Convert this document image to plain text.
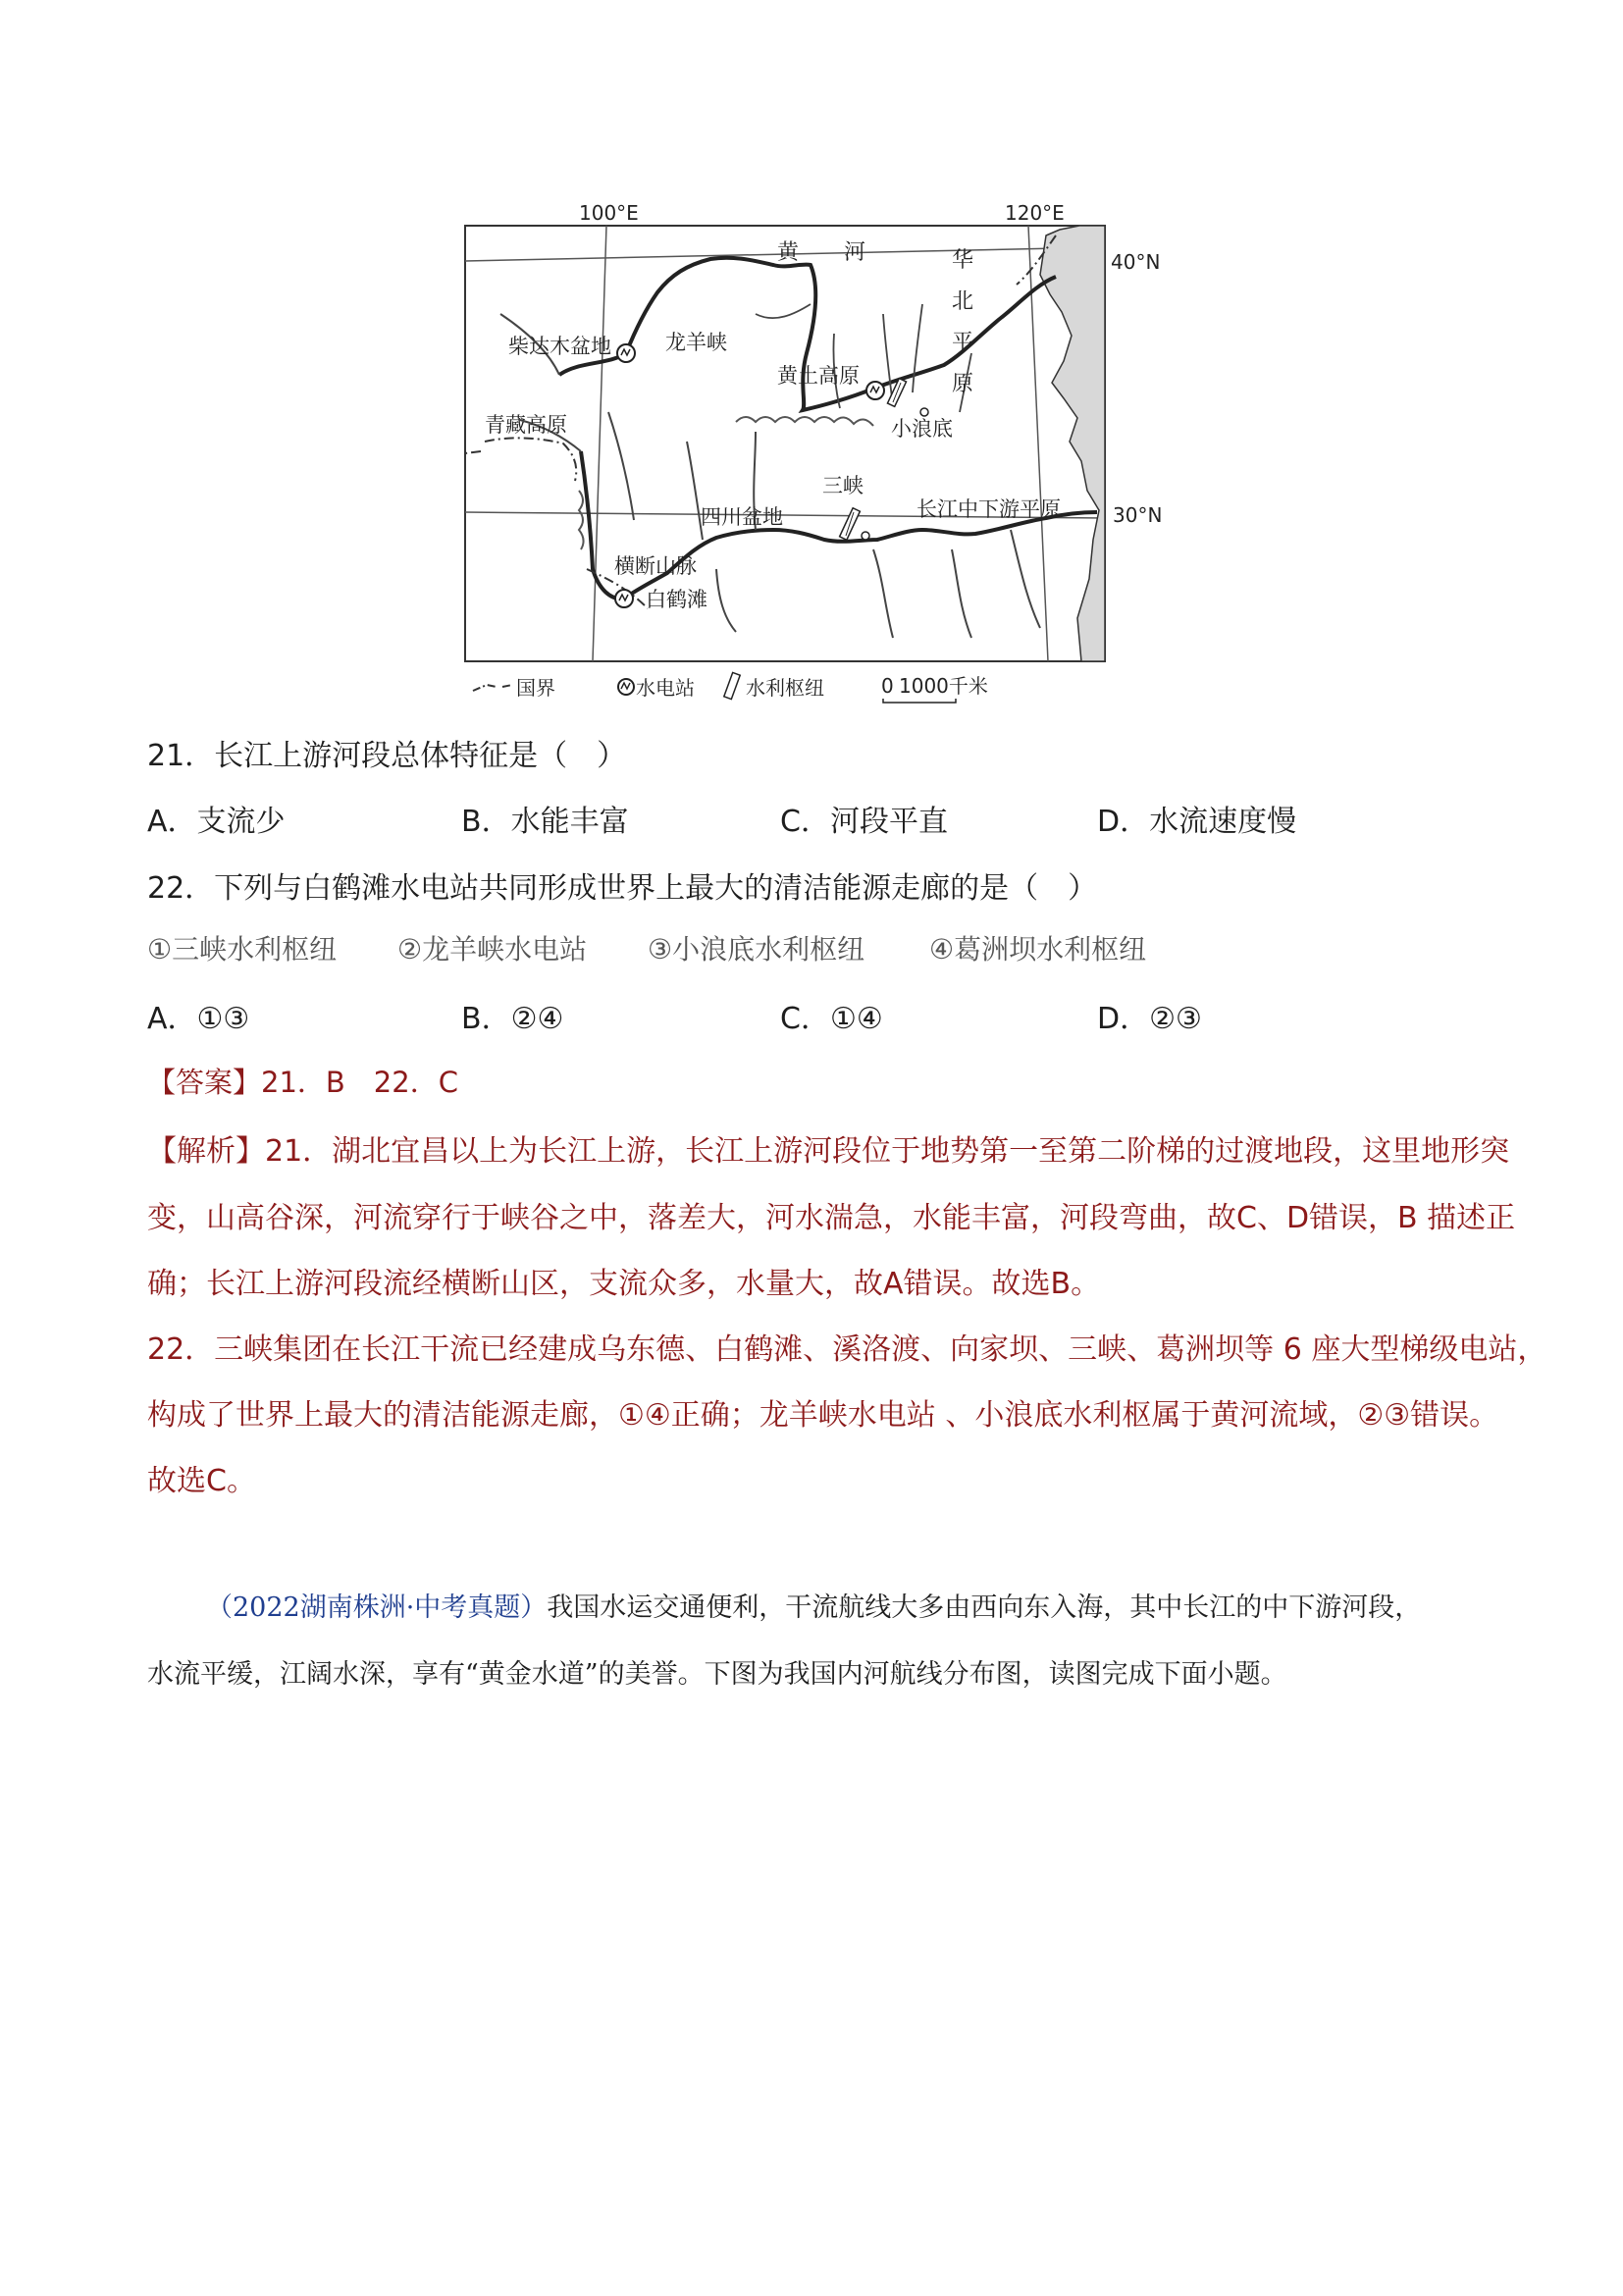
100°E	120°E
40°N
30°N
黄 河	华
北
平
原
柴达木盆地	龙羊峡
黄土高原
青藏高原	小浪底
三峡
长江中下游平原
四川盆地
横断山脉
白鹤滩
国界	水电站	水利枢纽	0 1000千米
21．长江上游河段总体特征是（　）
A．支流少	B．水能丰富	C．河段平直	D．水流速度慢
22．下列与白鹤滩水电站共同形成世界上最大的清洁能源走廊的是（　）
①三峡水利枢纽 ②龙羊峡水电站 ③小浪底水利枢纽 ④葛洲坝水利枢纽
A．①③	B．②④	C．①④	D．②③
【答案】21．B　22．C
【解析】21．湖北宜昌以上为长江上游，长江上游河段位于地势第一至第二阶梯的过渡地段，这里地形突
变，山高谷深，河流穿行于峡谷之中，落差大，河水湍急，水能丰富，河段弯曲，故C、D错误，B 描述正
确；长江上游河段流经横断山区，支流众多，水量大，故A错误。故选B。
22．三峡集团在长江干流已经建成乌东德、白鹤滩、溪洛渡、向家坝、三峡、葛洲坝等 6 座大型梯级电站，
构成了世界上最大的清洁能源走廊，①④正确；龙羊峡水电站 、小浪底水利枢属于黄河流域，②③错误。
故选C。
（2022湖南株洲·中考真题）我国水运交通便利，干流航线大多由西向东入海，其中长江的中下游河段，
水流平缓，江阔水深，享有“黄金水道”的美誉。下图为我国内河航线分布图，读图完成下面小题。
